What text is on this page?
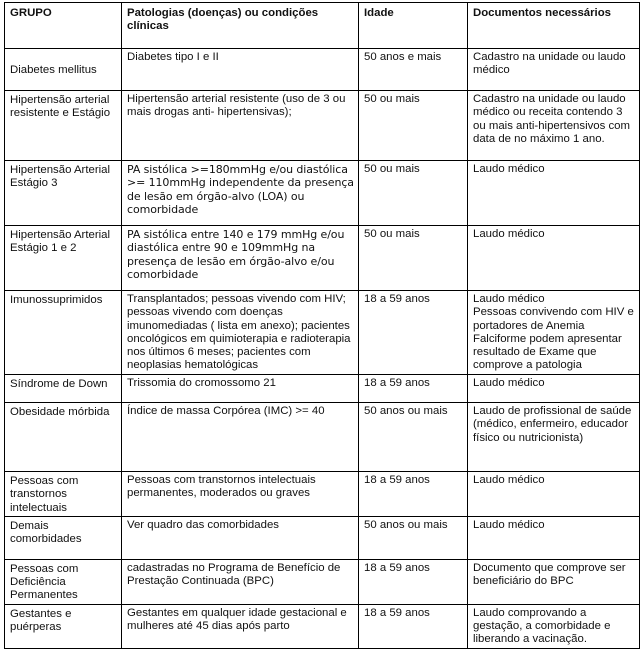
GRUPO	Patologias (doenças) ou condições clínicas	Idade	Documentos necessários

Diabetes mellitus	Diabetes tipo I e II	50 anos e mais	Cadastro na unidade ou laudo médico

Hipertensão arterial resistente e Estágio	Hipertensão arterial resistente (uso de 3 ou mais drogas anti- hipertensivas);	50 ou mais	Cadastro na unidade ou laudo médico ou receita contendo 3 ou mais anti-hipertensivos com data de no máximo 1 ano.

Hipertensão Arterial Estágio 3	PA sistólica >=180mmHg e/ou diastólica >= 110mmHg independente da presença de lesão em órgão-alvo (LOA) ou comorbidade	50 ou mais	Laudo médico

Hipertensão Arterial Estágio 1 e 2	PA sistólica entre 140 e 179 mmHg e/ou diastólica entre 90 e 109mmHg na presença de lesão em órgão-alvo e/ou comorbidade	50 ou mais	Laudo médico

Imunossuprimidos	Transplantados; pessoas vivendo com HIV; pessoas vivendo com doenças imunomediadas ( lista em anexo); pacientes oncológicos em quimioterapia e radioterapia nos últimos 6 meses; pacientes com neoplasias hematológicas	18 a 59 anos	Laudo médico
Pessoas convivendo com HIV e portadores de Anemia Falciforme podem apresentar resultado de Exame que comprove a patologia

Síndrome de Down	Trissomia do cromossomo 21	18 a 59 anos	Laudo médico

Obesidade mórbida	Índice de massa Corpórea (IMC) >= 40	50 anos ou mais	Laudo de profissional de saúde (médico, enfermeiro, educador físico ou nutricionista)

Pessoas com transtornos intelectuais	Pessoas com transtornos intelectuais permanentes, moderados ou graves	18 a 59 anos	Laudo médico

Demais comorbidades	Ver quadro das comorbidades	50 anos ou mais	Laudo médico

Pessoas com Deficiência Permanentes	cadastradas no Programa de Benefício de Prestação Continuada (BPC)	18 a 59 anos	Documento que comprove ser beneficiário do BPC

Gestantes e puérperas	Gestantes em qualquer idade gestacional e mulheres até 45 dias após parto	18 a 59 anos	Laudo comprovando a gestação, a comorbidade e liberando a vacinação.
